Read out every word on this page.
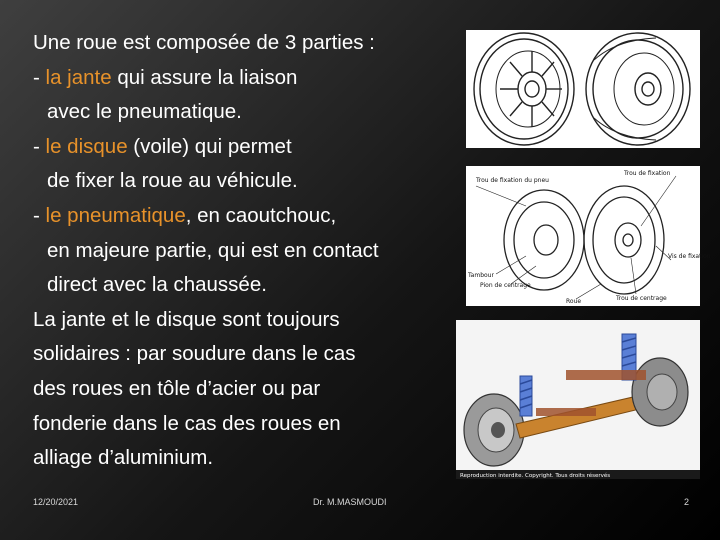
Une roue est composée de 3 parties :
- la jante qui assure la liaison
avec le pneumatique.
- le disque (voile) qui permet
de fixer la roue au véhicule.
- le pneumatique, en caoutchouc,
en majeure partie, qui est en contact
direct avec la chaussée.
La jante et le disque sont toujours
solidaires : par soudure dans le cas
des roues en tôle d’acier ou par
fonderie dans le cas des roues en
alliage d’aluminium.
Trou de fixation du pneu
Trou de fixation
Vis de fixation
Tambour
Pion de centrage
Roue	Trou de centrage
Reproduction interdite. Copyright. Tous droits réservés
12/20/2021	Dr. M.MASMOUDI	2
